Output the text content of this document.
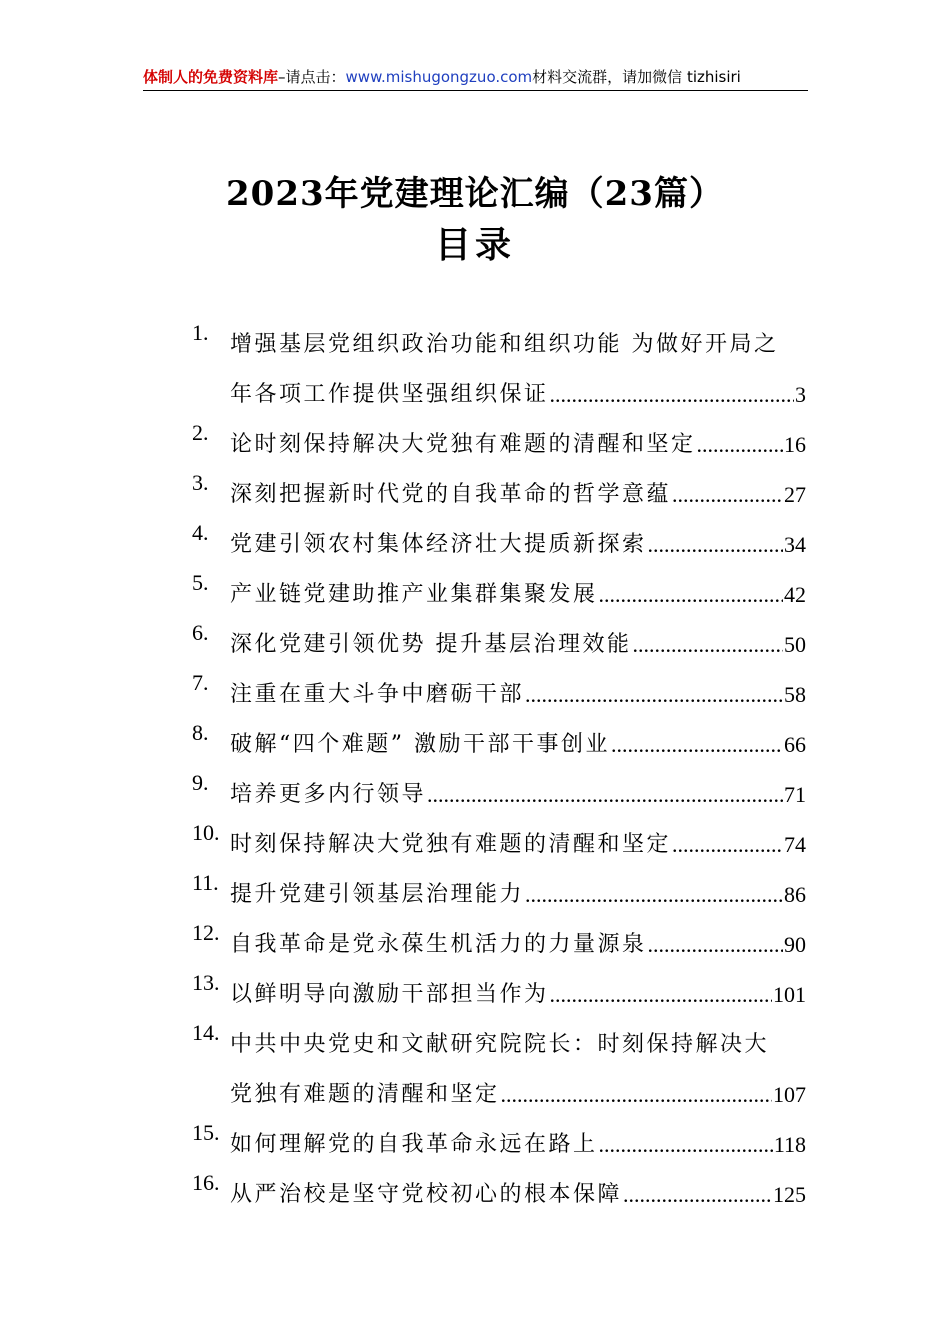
体制人的免费资料库–请点击：www.mishugongzuo.com材料交流群，请加微信 tizhisiri
2023年党建理论汇编（23篇）
目录
1. 增强基层党组织政治功能和组织功能 为做好开局之
年各项工作提供坚强组织保证 .....	3
2. 论时刻保持解决大党独有难题的清醒和坚定 .....	16
3. 深刻把握新时代党的自我革命的哲学意蕴 .....	27
4. 党建引领农村集体经济壮大提质新探索 .....	34
5. 产业链党建助推产业集群集聚发展 .....	42
6. 深化党建引领优势 提升基层治理效能 .....	50
7. 注重在重大斗争中磨砺干部 .....	58
8. 破解“四个难题” 激励干部干事创业 .....	66
9. 培养更多内行领导 .....	71
10. 时刻保持解决大党独有难题的清醒和坚定 .....	74
11. 提升党建引领基层治理能力 .....	86
12. 自我革命是党永葆生机活力的力量源泉 .....	90
13. 以鲜明导向激励干部担当作为 .....	101
14. 中共中央党史和文献研究院院长：时刻保持解决大
党独有难题的清醒和坚定 .....	107
15. 如何理解党的自我革命永远在路上 .....	118
16. 从严治校是坚守党校初心的根本保障 .....	125
